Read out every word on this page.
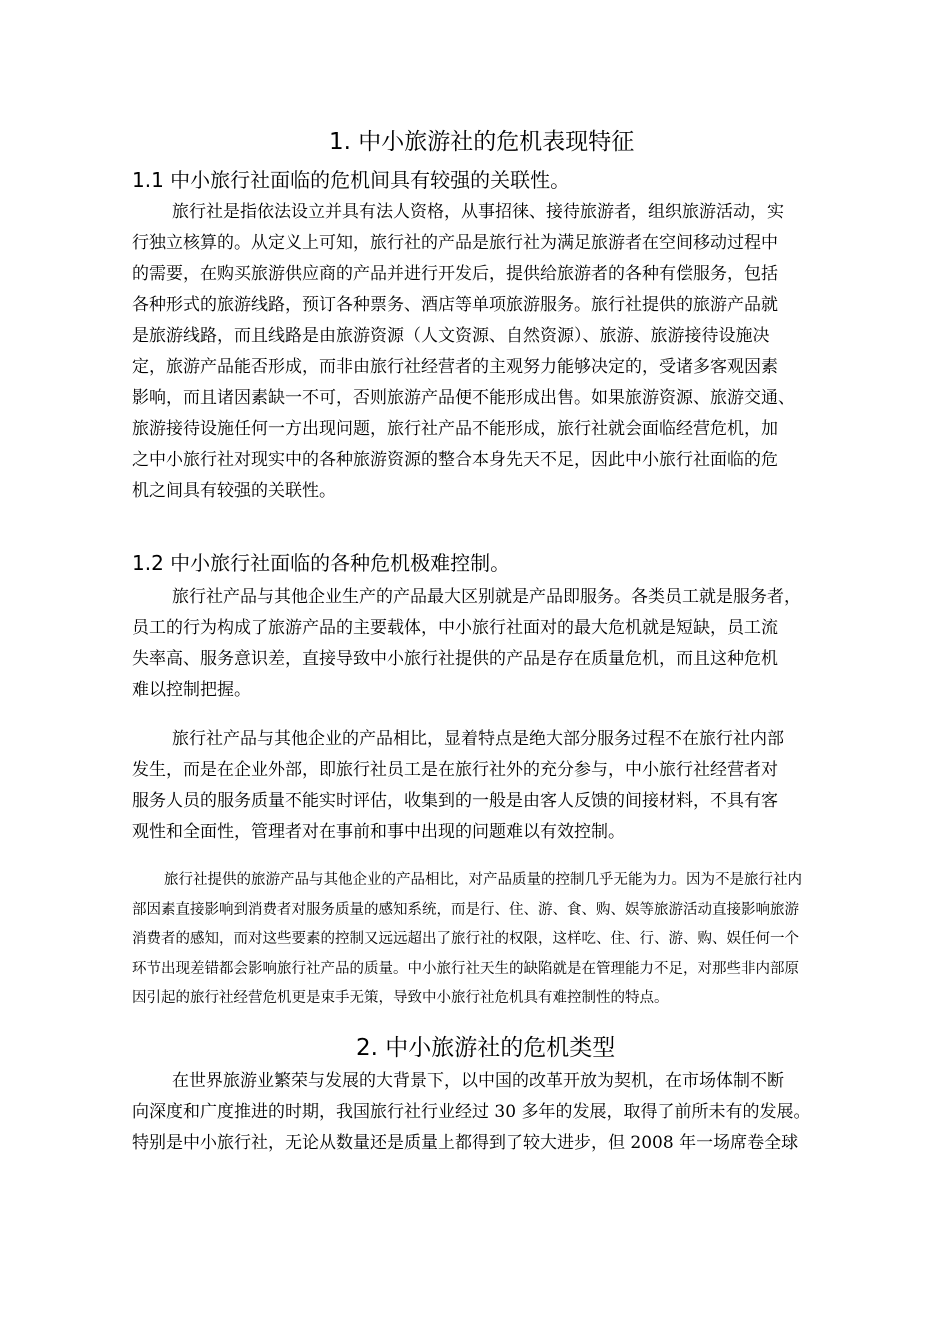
1. 中小旅游社的危机表现特征
1.1 中小旅行社面临的危机间具有较强的关联性。
旅行社是指依法设立并具有法人资格，从事招徕、接待旅游者，组织旅游活动，实
行独立核算的。从定义上可知，旅行社的产品是旅行社为满足旅游者在空间移动过程中
的需要，在购买旅游供应商的产品并进行开发后，提供给旅游者的各种有偿服务，包括
各种形式的旅游线路，预订各种票务、酒店等单项旅游服务。旅行社提供的旅游产品就
是旅游线路，而且线路是由旅游资源（人文资源、自然资源）、旅游、旅游接待设施决
定，旅游产品能否形成，而非由旅行社经营者的主观努力能够决定的，受诸多客观因素
影响，而且诸因素缺一不可，否则旅游产品便不能形成出售。如果旅游资源、旅游交通、
旅游接待设施任何一方出现问题，旅行社产品不能形成，旅行社就会面临经营危机，加
之中小旅行社对现实中的各种旅游资源的整合本身先天不足，因此中小旅行社面临的危
机之间具有较强的关联性。
1.2 中小旅行社面临的各种危机极难控制。
旅行社产品与其他企业生产的产品最大区别就是产品即服务。各类员工就是服务者，
员工的行为构成了旅游产品的主要载体，中小旅行社面对的最大危机就是短缺，员工流
失率高、服务意识差，直接导致中小旅行社提供的产品是存在质量危机，而且这种危机
难以控制把握。
旅行社产品与其他企业的产品相比，显着特点是绝大部分服务过程不在旅行社内部
发生，而是在企业外部，即旅行社员工是在旅行社外的充分参与，中小旅行社经营者对
服务人员的服务质量不能实时评估，收集到的一般是由客人反馈的间接材料，不具有客
观性和全面性，管理者对在事前和事中出现的问题难以有效控制。
旅行社提供的旅游产品与其他企业的产品相比，对产品质量的控制几乎无能为力。因为不是旅行社内
部因素直接影响到消费者对服务质量的感知系统，而是行、住、游、食、购、娱等旅游活动直接影响旅游
消费者的感知，而对这些要素的控制又远远超出了旅行社的权限，这样吃、住、行、游、购、娱任何一个
环节出现差错都会影响旅行社产品的质量。中小旅行社天生的缺陷就是在管理能力不足，对那些非内部原
因引起的旅行社经营危机更是束手无策，导致中小旅行社危机具有难控制性的特点。
2. 中小旅游社的危机类型
在世界旅游业繁荣与发展的大背景下，以中国的改革开放为契机，在市场体制不断
向深度和广度推进的时期，我国旅行社行业经过 30 多年的发展，取得了前所未有的发展。
特别是中小旅行社，无论从数量还是质量上都得到了较大进步，但 2008 年一场席卷全球
